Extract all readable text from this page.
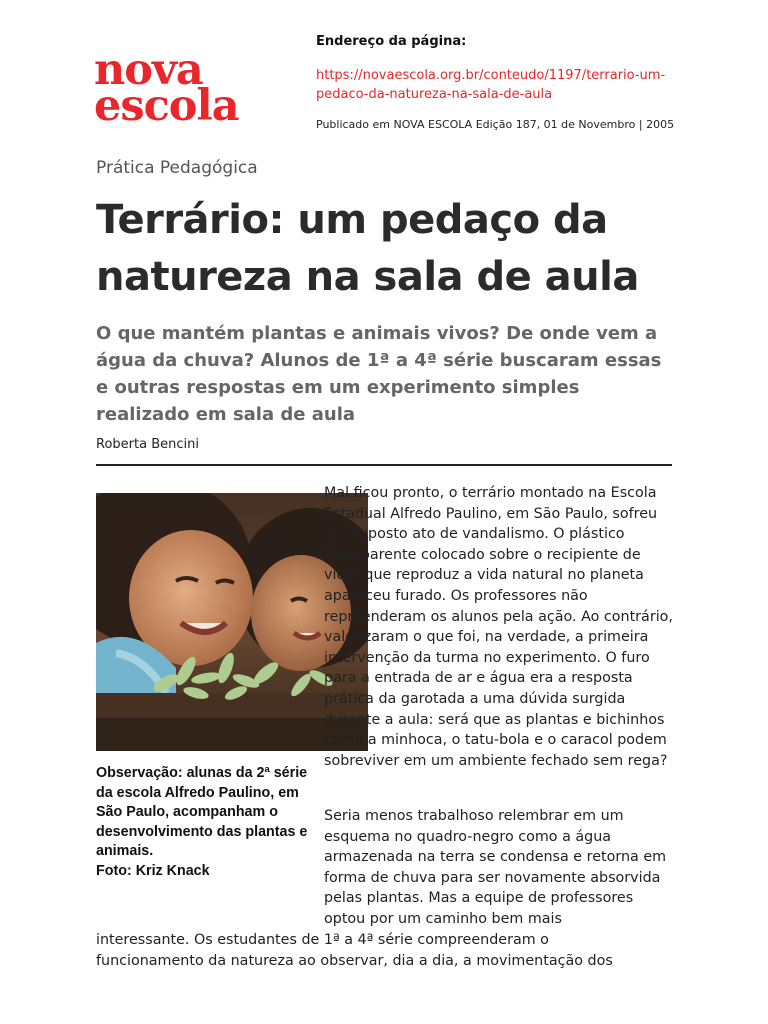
nova
escola
Endereço da página:
https://novaescola.org.br/conteudo/1197/terrario-um-pedaco-da-natureza-na-sala-de-aula
Publicado em NOVA ESCOLA Edição 187, 01 de Novembro | 2005
Prática Pedagógica
Terrário: um pedaço da natureza na sala de aula

O que mantém plantas e animais vivos? De onde vem a água da chuva? Alunos de 1ª a 4ª série buscaram essas e outras respostas em um experimento simples realizado em sala de aula

Roberta Bencini

Observação: alunas da 2ª série da escola Alfredo Paulino, em São Paulo, acompanham o desenvolvimento das plantas e animais.
Foto: Kriz Knack

Mal ficou pronto, o terrário montado na Escola Estadual Alfredo Paulino, em São Paulo, sofreu um suposto ato de vandalismo. O plástico transparente colocado sobre o recipiente de vidro que reproduz a vida natural no planeta apareceu furado. Os professores não repreenderam os alunos pela ação. Ao contrário, valorizaram o que foi, na verdade, a primeira intervenção da turma no experimento. O furo para a entrada de ar e água era a resposta prática da garotada a uma dúvida surgida durante a aula: será que as plantas e bichinhos como a minhoca, o tatu-bola e o caracol podem sobreviver em um ambiente fechado sem rega?

Seria menos trabalhoso relembrar em um esquema no quadro-negro como a água armazenada na terra se condensa e retorna em forma de chuva para ser novamente absorvida pelas plantas. Mas a equipe de professores optou por um caminho bem mais

interessante. Os estudantes de 1ª a 4ª série compreenderam o
funcionamento da natureza ao observar, dia a dia, a movimentação dos
